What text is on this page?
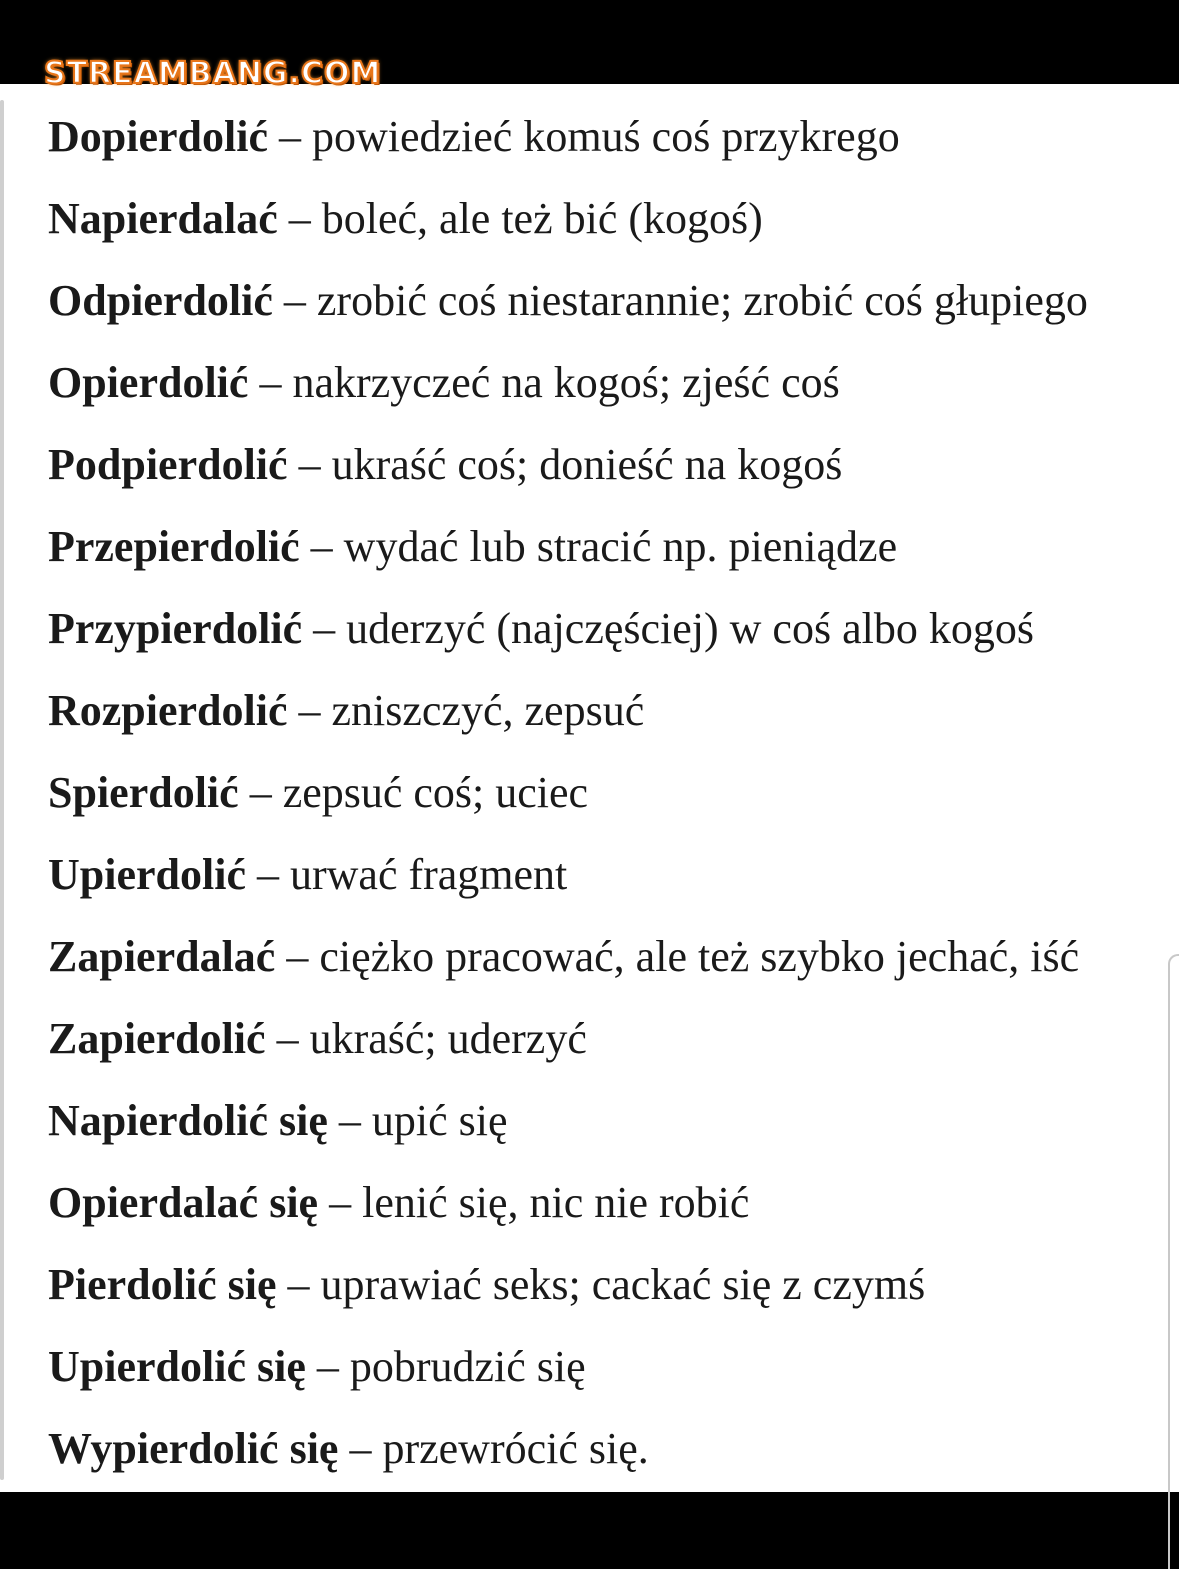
STREAMBANG.COM
Dopierdolić – powiedzieć komuś coś przykrego
Napierdalać – boleć, ale też bić (kogoś)
Odpierdolić – zrobić coś niestarannie; zrobić coś głupiego
Opierdolić – nakrzyczeć na kogoś; zjeść coś
Podpierdolić – ukraść coś; donieść na kogoś
Przepierdolić – wydać lub stracić np. pieniądze
Przypierdolić – uderzyć (najczęściej) w coś albo kogoś
Rozpierdolić – zniszczyć, zepsuć
Spierdolić – zepsuć coś; uciec
Upierdolić – urwać fragment
Zapierdalać – ciężko pracować, ale też szybko jechać, iść
Zapierdolić – ukraść; uderzyć
Napierdolić się – upić się
Opierdalać się – lenić się, nic nie robić
Pierdolić się – uprawiać seks; cackać się z czymś
Upierdolić się – pobrudzić się
Wypierdolić się – przewrócić się.
